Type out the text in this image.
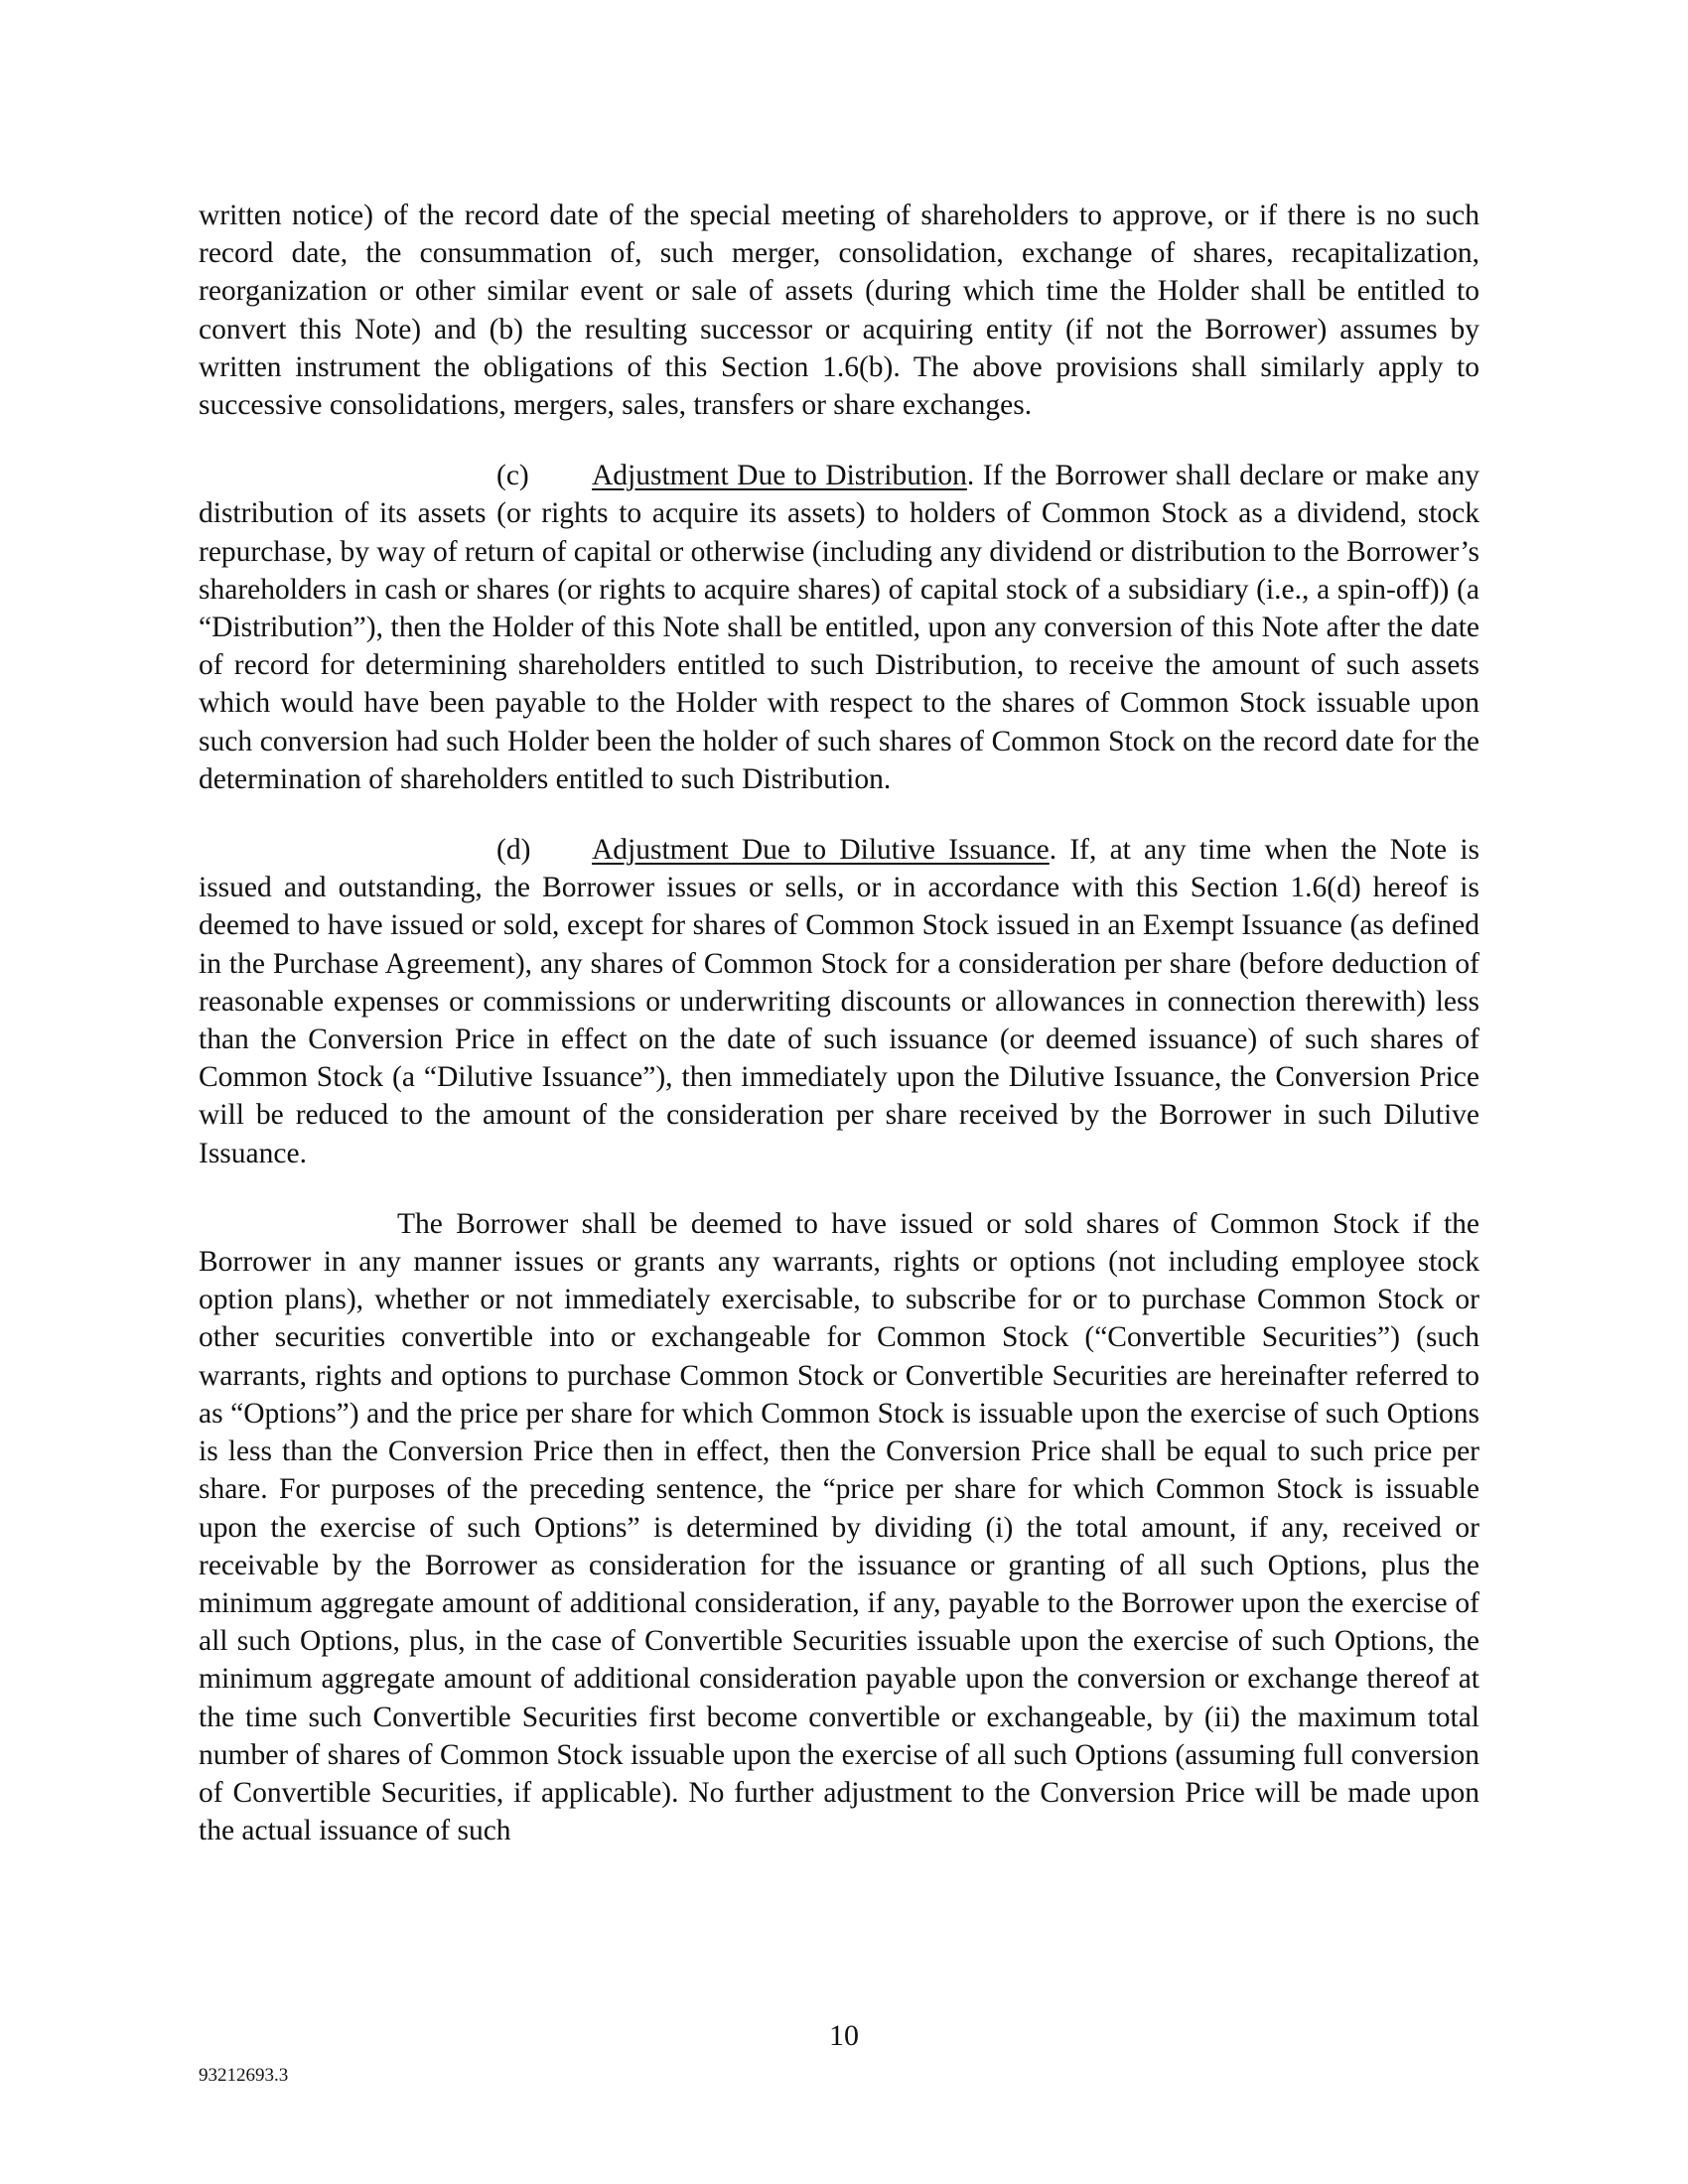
written notice) of the record date of the special meeting of shareholders to approve, or if there is no such record date, the consummation of, such merger, consolidation, exchange of shares, recapitalization, reorganization or other similar event or sale of assets (during which time the Holder shall be entitled to convert this Note) and (b) the resulting successor or acquiring entity (if not the Borrower) assumes by written instrument the obligations of this Section 1.6(b). The above provisions shall similarly apply to successive consolidations, mergers, sales, transfers or share exchanges.

(c) Adjustment Due to Distribution. If the Borrower shall declare or make any distribution of its assets (or rights to acquire its assets) to holders of Common Stock as a dividend, stock repurchase, by way of return of capital or otherwise (including any dividend or distribution to the Borrower’s shareholders in cash or shares (or rights to acquire shares) of capital stock of a subsidiary (i.e., a spin-off)) (a “Distribution”), then the Holder of this Note shall be entitled, upon any conversion of this Note after the date of record for determining shareholders entitled to such Distribution, to receive the amount of such assets which would have been payable to the Holder with respect to the shares of Common Stock issuable upon such conversion had such Holder been the holder of such shares of Common Stock on the record date for the determination of shareholders entitled to such Distribution.

(d) Adjustment Due to Dilutive Issuance. If, at any time when the Note is issued and outstanding, the Borrower issues or sells, or in accordance with this Section 1.6(d) hereof is deemed to have issued or sold, except for shares of Common Stock issued in an Exempt Issuance (as defined in the Purchase Agreement), any shares of Common Stock for a consideration per share (before deduction of reasonable expenses or commissions or underwriting discounts or allowances in connection therewith) less than the Conversion Price in effect on the date of such issuance (or deemed issuance) of such shares of Common Stock (a “Dilutive Issuance”), then immediately upon the Dilutive Issuance, the Conversion Price will be reduced to the amount of the consideration per share received by the Borrower in such Dilutive Issuance.

The Borrower shall be deemed to have issued or sold shares of Common Stock if the Borrower in any manner issues or grants any warrants, rights or options (not including employee stock option plans), whether or not immediately exercisable, to subscribe for or to purchase Common Stock or other securities convertible into or exchangeable for Common Stock (“Convertible Securities”) (such warrants, rights and options to purchase Common Stock or Convertible Securities are hereinafter referred to as “Options”) and the price per share for which Common Stock is issuable upon the exercise of such Options is less than the Conversion Price then in effect, then the Conversion Price shall be equal to such price per share. For purposes of the preceding sentence, the “price per share for which Common Stock is issuable upon the exercise of such Options” is determined by dividing (i) the total amount, if any, received or receivable by the Borrower as consideration for the issuance or granting of all such Options, plus the minimum aggregate amount of additional consideration, if any, payable to the Borrower upon the exercise of all such Options, plus, in the case of Convertible Securities issuable upon the exercise of such Options, the minimum aggregate amount of additional consideration payable upon the conversion or exchange thereof at the time such Convertible Securities first become convertible or exchangeable, by (ii) the maximum total number of shares of Common Stock issuable upon the exercise of all such Options (assuming full conversion of Convertible Securities, if applicable). No further adjustment to the Conversion Price will be made upon the actual issuance of such

10
93212693.3
